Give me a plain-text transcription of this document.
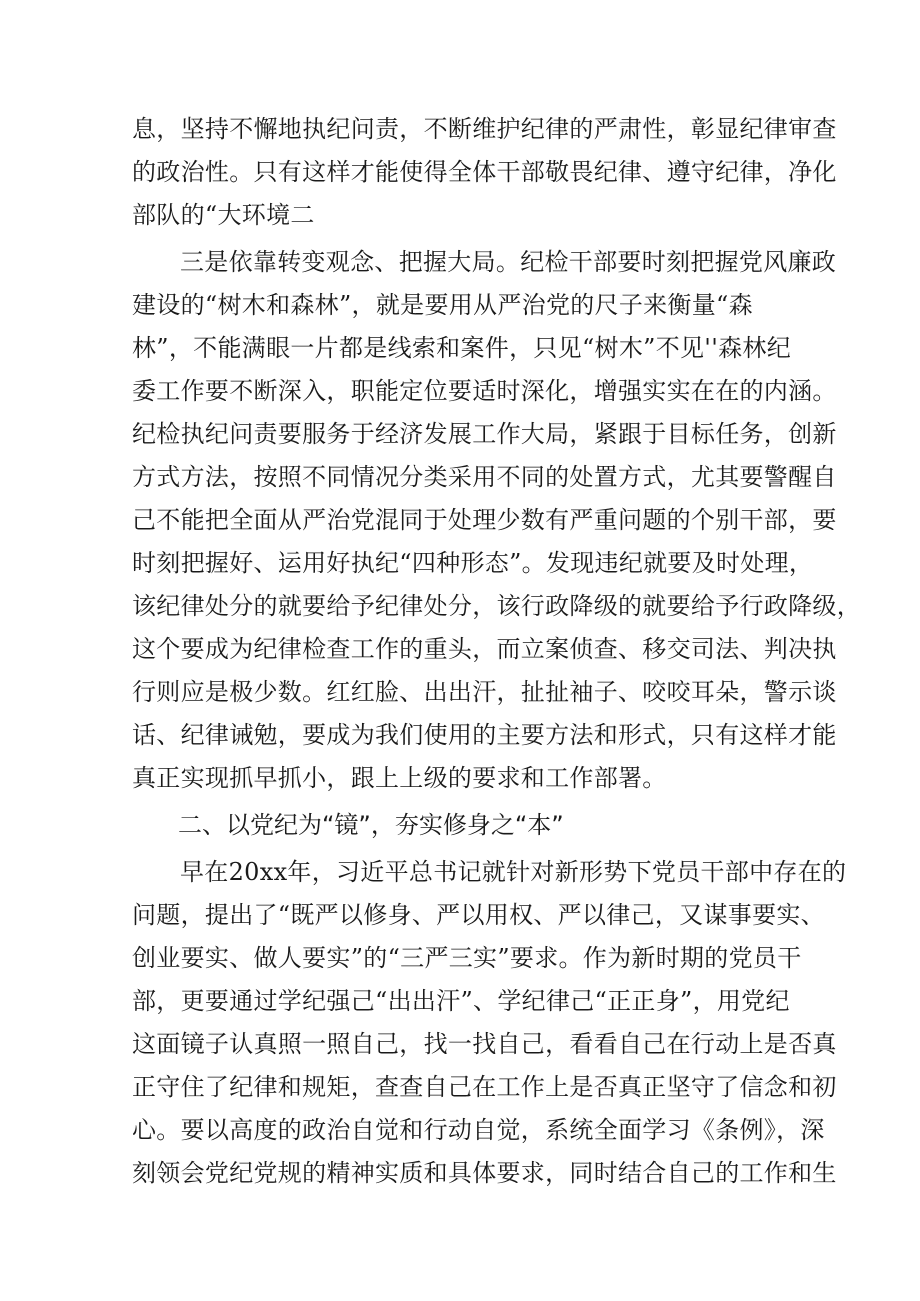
息，坚持不懈地执纪问责，不断维护纪律的严肃性，彰显纪律审查
的政治性。只有这样才能使得全体干部敬畏纪律、遵守纪律，净化
部队的“大环境二
三是依靠转变观念、把握大局。纪检干部要时刻把握党风廉政
建设的“树木和森林”，就是要用从严治党的尺子来衡量“森
林”，不能满眼一片都是线索和案件，只见“树木”不见''森林纪
委工作要不断深入，职能定位要适时深化，增强实实在在的内涵。
纪检执纪问责要服务于经济发展工作大局，紧跟于目标任务，创新
方式方法，按照不同情况分类采用不同的处置方式，尤其要警醒自
己不能把全面从严治党混同于处理少数有严重问题的个别干部，要
时刻把握好、运用好执纪“四种形态”。发现违纪就要及时处理，
该纪律处分的就要给予纪律处分，该行政降级的就要给予行政降级，
这个要成为纪律检查工作的重头，而立案侦查、移交司法、判决执
行则应是极少数。红红脸、出出汗，扯扯袖子、咬咬耳朵，警示谈
话、纪律诫勉，要成为我们使用的主要方法和形式，只有这样才能
真正实现抓早抓小，跟上上级的要求和工作部署。
二、以党纪为“镜”，夯实修身之“本”
早在20xx年，习近平总书记就针对新形势下党员干部中存在的
问题，提出了“既严以修身、严以用权、严以律己，又谋事要实、
创业要实、做人要实”的“三严三实”要求。作为新时期的党员干
部，更要通过学纪强己“出出汗”、学纪律己“正正身”，用党纪
这面镜子认真照一照自己，找一找自己，看看自己在行动上是否真
正守住了纪律和规矩，查查自己在工作上是否真正坚守了信念和初
心。要以高度的政治自觉和行动自觉，系统全面学习《条例》，深
刻领会党纪党规的精神实质和具体要求，同时结合自己的工作和生
